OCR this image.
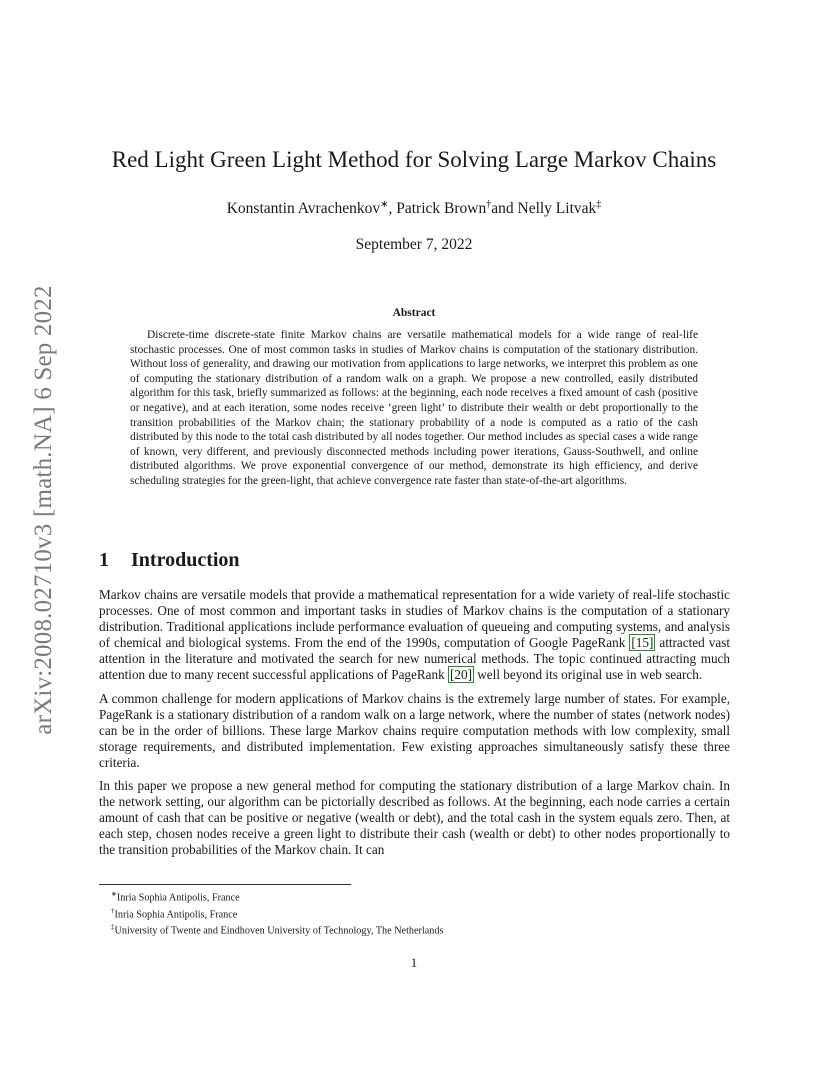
arXiv:2008.02710v3 [math.NA] 6 Sep 2022
Red Light Green Light Method for Solving Large Markov Chains
Konstantin Avrachenkov∗, Patrick Brown†and Nelly Litvak‡
September 7, 2022
Abstract
Discrete-time discrete-state finite Markov chains are versatile mathematical models for a wide range of real-life stochastic processes. One of most common tasks in studies of Markov chains is computation of the stationary distribution. Without loss of generality, and drawing our motivation from applications to large networks, we interpret this problem as one of computing the stationary distribution of a random walk on a graph. We propose a new controlled, easily distributed algorithm for this task, briefly summarized as follows: at the beginning, each node receives a fixed amount of cash (positive or negative), and at each iteration, some nodes receive ‘green light’ to distribute their wealth or debt proportionally to the transition probabilities of the Markov chain; the stationary probability of a node is computed as a ratio of the cash distributed by this node to the total cash distributed by all nodes together. Our method includes as special cases a wide range of known, very different, and previously disconnected methods including power iterations, Gauss-Southwell, and online distributed algorithms. We prove exponential convergence of our method, demonstrate its high efficiency, and derive scheduling strategies for the green-light, that achieve convergence rate faster than state-of-the-art algorithms.
1 Introduction

Markov chains are versatile models that provide a mathematical representation for a wide variety of real-life stochastic processes. One of most common and important tasks in studies of Markov chains is the computation of a stationary distribution. Traditional applications include performance evaluation of queueing and computing systems, and analysis of chemical and biological systems. From the end of the 1990s, computation of Google PageRank [15] attracted vast attention in the literature and motivated the search for new numerical methods. The topic continued attracting much attention due to many recent successful applications of PageRank [20] well beyond its original use in web search.

A common challenge for modern applications of Markov chains is the extremely large number of states. For example, PageRank is a stationary distribution of a random walk on a large network, where the number of states (network nodes) can be in the order of billions. These large Markov chains require computation methods with low complexity, small storage requirements, and distributed implementation. Few existing approaches simultaneously satisfy these three criteria.

In this paper we propose a new general method for computing the stationary distribution of a large Markov chain. In the network setting, our algorithm can be pictorially described as follows. At the beginning, each node carries a certain amount of cash that can be positive or negative (wealth or debt), and the total cash in the system equals zero. Then, at each step, chosen nodes receive a green light to distribute their cash (wealth or debt) to other nodes proportionally to the transition probabilities of the Markov chain. It can

∗Inria Sophia Antipolis, France
†Inria Sophia Antipolis, France
‡University of Twente and Eindhoven University of Technology, The Netherlands
1
